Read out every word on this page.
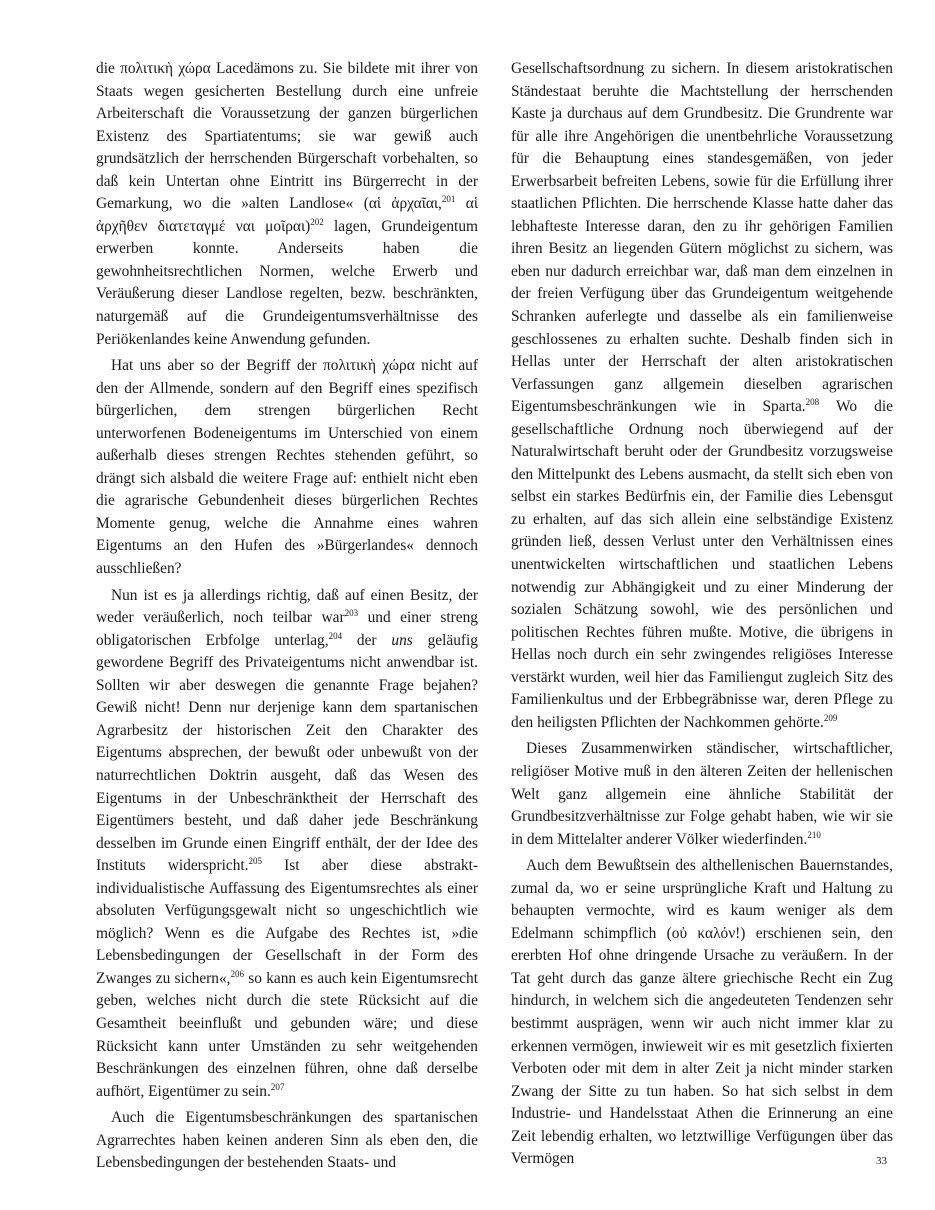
die πολιτικὴ χώρα Lacedämons zu. Sie bildete mit ihrer von Staats wegen gesicherten Bestellung durch eine unfreie Arbeiterschaft die Voraussetzung der ganzen bürgerlichen Existenz des Spartiatentums; sie war gewiß auch grundsätzlich der herrschenden Bürgerschaft vorbehalten, so daß kein Untertan ohne Eintritt ins Bürgerrecht in der Gemarkung, wo die »alten Landlose« (αἱ ἀρχαῖαι,$^{201}$ αἱ ἀρχῆθεν διατεταγμέ ναι μοῖραι)$^{202}$ lagen, Grundeigentum erwerben konnte. Anderseits haben die gewohnheitsrechtlichen Normen, welche Erwerb und Veräußerung dieser Landlose regelten, bezw. beschränkten, naturgemäß auf die Grundeigentumsverhältnisse des Periökenlandes keine Anwendung gefunden.

Hat uns aber so der Begriff der πολιτικὴ χώρα nicht auf den der Allmende, sondern auf den Begriff eines spezifisch bürgerlichen, dem strengen bürgerlichen Recht unterworfenen Bodeneigentums im Unterschied von einem außerhalb dieses strengen Rechtes stehenden geführt, so drängt sich alsbald die weitere Frage auf: enthielt nicht eben die agrarische Gebundenheit dieses bürgerlichen Rechtes Momente genug, welche die Annahme eines wahren Eigentums an den Hufen des »Bürgerlandes« dennoch ausschließen?

Nun ist es ja allerdings richtig, daß auf einen Besitz, der weder veräußerlich, noch teilbar war$^{203}$ und einer streng obligatorischen Erbfolge unterlag,$^{204}$ der uns geläufig gewordene Begriff des Privateigentums nicht anwendbar ist. Sollten wir aber deswegen die genannte Frage bejahen? Gewiß nicht! Denn nur derjenige kann dem spartanischen Agrarbesitz der historischen Zeit den Charakter des Eigentums absprechen, der bewußt oder unbewußt von der naturrechtlichen Doktrin ausgeht, daß das Wesen des Eigentums in der Unbeschränktheit der Herrschaft des Eigentümers besteht, und daß daher jede Beschränkung desselben im Grunde einen Eingriff enthält, der der Idee des Instituts widerspricht.$^{205}$ Ist aber diese abstrakt-individualistische Auffassung des Eigentumsrechtes als einer absoluten Verfügungsgewalt nicht so ungeschichtlich wie möglich? Wenn es die Aufgabe des Rechtes ist, »die Lebensbedingungen der Gesellschaft in der Form des Zwanges zu sichern«,$^{206}$ so kann es auch kein Eigentumsrecht geben, welches nicht durch die stete Rücksicht auf die Gesamtheit beeinflußt und gebunden wäre; und diese Rücksicht kann unter Umständen zu sehr weitgehenden Beschränkungen des einzelnen führen, ohne daß derselbe aufhört, Eigentümer zu sein.$^{207}$

Auch die Eigentumsbeschränkungen des spartanischen Agrarrechtes haben keinen anderen Sinn als eben den, die Lebensbedingungen der bestehenden Staats- und

Gesellschaftsordnung zu sichern. In diesem aristokratischen Ständestaat beruhte die Machtstellung der herrschenden Kaste ja durchaus auf dem Grundbesitz. Die Grundrente war für alle ihre Angehörigen die unentbehrliche Voraussetzung für die Behauptung eines standesgemäßen, von jeder Erwerbsarbeit befreiten Lebens, sowie für die Erfüllung ihrer staatlichen Pflichten. Die herrschende Klasse hatte daher das lebhafteste Interesse daran, den zu ihr gehörigen Familien ihren Besitz an liegenden Gütern möglichst zu sichern, was eben nur dadurch erreichbar war, daß man dem einzelnen in der freien Verfügung über das Grundeigentum weitgehende Schranken auferlegte und dasselbe als ein familienweise geschlossenes zu erhalten suchte. Deshalb finden sich in Hellas unter der Herrschaft der alten aristokratischen Verfassungen ganz allgemein dieselben agrarischen Eigentumsbeschränkungen wie in Sparta.$^{208}$ Wo die gesellschaftliche Ordnung noch überwiegend auf der Naturalwirtschaft beruht oder der Grundbesitz vorzugsweise den Mittelpunkt des Lebens ausmacht, da stellt sich eben von selbst ein starkes Bedürfnis ein, der Familie dies Lebensgut zu erhalten, auf das sich allein eine selbständige Existenz gründen ließ, dessen Verlust unter den Verhältnissen eines unentwickelten wirtschaftlichen und staatlichen Lebens notwendig zur Abhängigkeit und zu einer Minderung der sozialen Schätzung sowohl, wie des persönlichen und politischen Rechtes führen mußte. Motive, die übrigens in Hellas noch durch ein sehr zwingendes religiöses Interesse verstärkt wurden, weil hier das Familiengut zugleich Sitz des Familienkultus und der Erbbegräbnisse war, deren Pflege zu den heiligsten Pflichten der Nachkommen gehörte.$^{209}$

Dieses Zusammenwirken ständischer, wirtschaftlicher, religiöser Motive muß in den älteren Zeiten der hellenischen Welt ganz allgemein eine ähnliche Stabilität der Grundbesitzverhältnisse zur Folge gehabt haben, wie wir sie in dem Mittelalter anderer Völker wiederfinden.$^{210}$

Auch dem Bewußtsein des althellenischen Bauernstandes, zumal da, wo er seine ursprüngliche Kraft und Haltung zu behaupten vermochte, wird es kaum weniger als dem Edelmann schimpflich (οὐ καλόν!) erschienen sein, den ererbten Hof ohne dringende Ursache zu veräußern. In der Tat geht durch das ganze ältere griechische Recht ein Zug hindurch, in welchem sich die angedeuteten Tendenzen sehr bestimmt ausprägen, wenn wir auch nicht immer klar zu erkennen vermögen, inwieweit wir es mit gesetzlich fixierten Verboten oder mit dem in alter Zeit ja nicht minder starken Zwang der Sitte zu tun haben. So hat sich selbst in dem Industrie- und Handelsstaat Athen die Erinnerung an eine Zeit lebendig erhalten, wo letztwillige Verfügungen über das Vermögen	33
